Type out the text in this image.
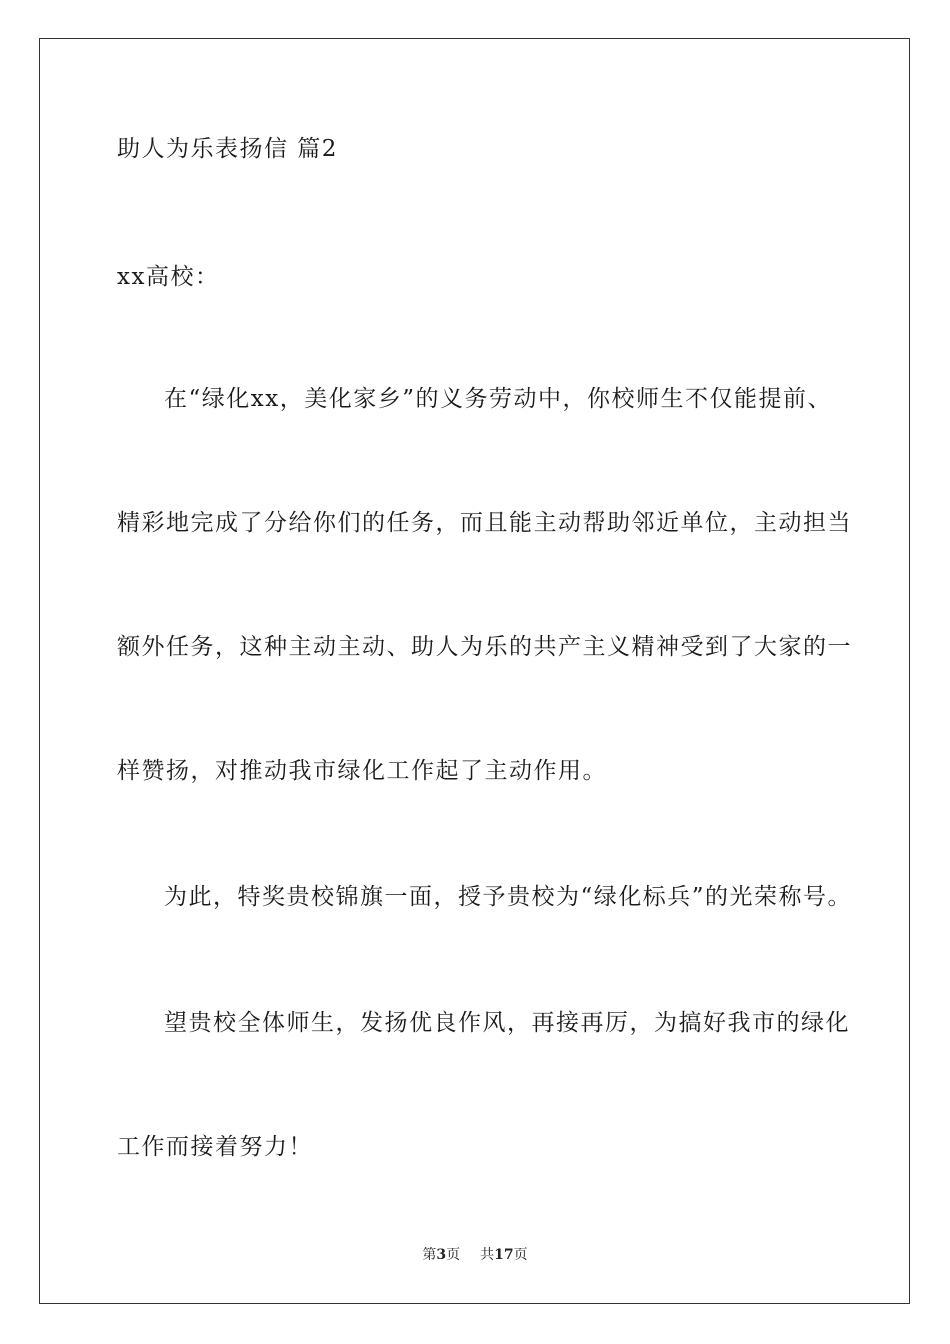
助人为乐表扬信 篇2
xx高校：
在“绿化xx，美化家乡”的义务劳动中，你校师生不仅能提前、
精彩地完成了分给你们的任务，而且能主动帮助邻近单位，主动担当
额外任务，这种主动主动、助人为乐的共产主义精神受到了大家的一
样赞扬，对推动我市绿化工作起了主动作用。
为此，特奖贵校锦旗一面，授予贵校为“绿化标兵”的光荣称号。
望贵校全体师生，发扬优良作风，再接再厉，为搞好我市的绿化
工作而接着努力！
第3页 共17页
